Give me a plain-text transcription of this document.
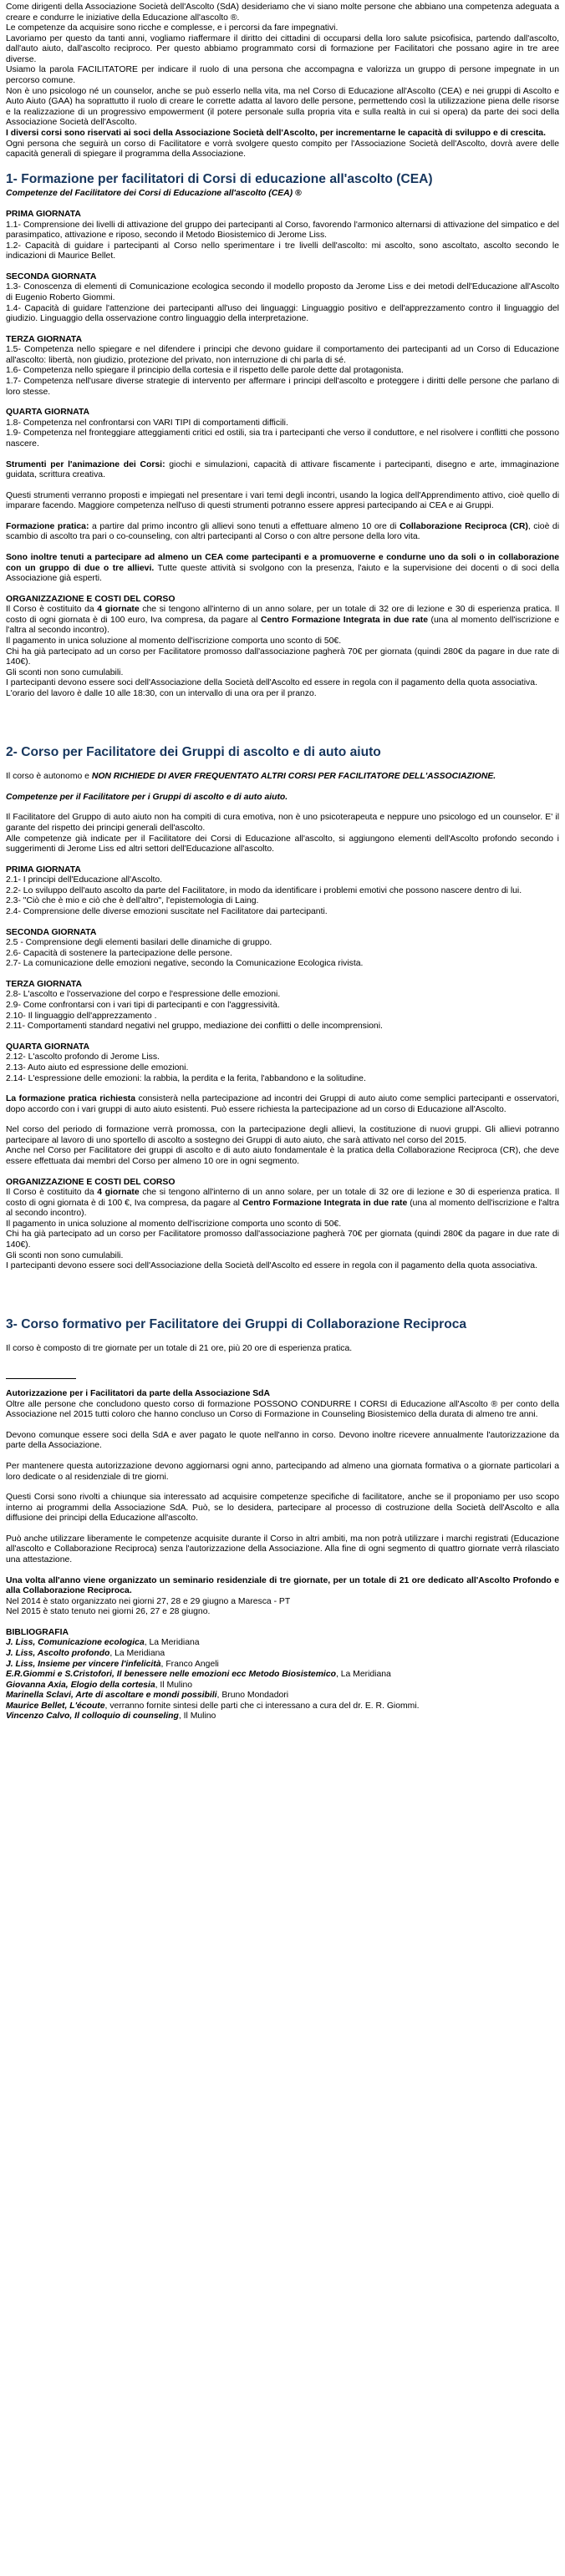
Come dirigenti della Associazione Società dell'Ascolto (SdA) desideriamo che vi siano molte persone che abbiano una competenza adeguata a creare e condurre le iniziative della Educazione all'ascolto ®.

Le competenze da acquisire sono ricche e complesse, e i percorsi da fare impegnativi.

Lavoriamo per questo da tanti anni, vogliamo riaffermare il diritto dei cittadini di occuparsi della loro salute psicofisica, partendo dall'ascolto, dall'auto aiuto, dall'ascolto reciproco. Per questo abbiamo programmato corsi di formazione per Facilitatori che possano agire in tre aree diverse.

Usiamo la parola FACILITATORE per indicare il ruolo di una persona che accompagna e valorizza un gruppo di persone impegnate in un percorso comune.

Non è uno psicologo né un counselor, anche se può esserlo nella vita, ma nel Corso di Educazione all'Ascolto (CEA) e nei gruppi di Ascolto e Auto Aiuto (GAA) ha soprattutto il ruolo di creare le corrette adatta al lavoro delle persone, permettendo così la utilizzazione piena delle risorse e la realizzazione di un progressivo empowerment (il potere personale sulla propria vita e sulla realtà in cui si opera) da parte dei soci della Associazione Società dell'Ascolto.

I diversi corsi sono riservati ai soci della Associazione Società dell'Ascolto, per incrementarne le capacità di sviluppo e di crescita.

Ogni persona che seguirà un corso di Facilitatore e vorrà svolgere questo compito per l'Associazione Società dell'Ascolto, dovrà avere delle capacità generali di spiegare il programma della Associazione.

1- Formazione per facilitatori di Corsi di educazione all'ascolto (CEA)

Competenze del Facilitatore dei Corsi di Educazione all'ascolto (CEA) ®

PRIMA GIORNATA

1.1- Comprensione dei livelli di attivazione del gruppo dei partecipanti al Corso, favorendo l'armonico alternarsi di attivazione del simpatico e del parasimpatico, attivazione e riposo, secondo il Metodo Biosistemico di Jerome Liss.

1.2- Capacità di guidare i partecipanti al Corso nello sperimentare i tre livelli dell'ascolto: mi ascolto, sono ascoltato, ascolto secondo le indicazioni di Maurice Bellet.

SECONDA GIORNATA

1.3- Conoscenza di elementi di Comunicazione ecologica secondo il modello proposto da Jerome Liss e dei metodi dell'Educazione all'Ascolto di Eugenio Roberto Giommi.

1.4- Capacità di guidare l'attenzione dei partecipanti all'uso dei linguaggi: Linguaggio positivo e dell'apprezzamento contro il linguaggio del giudizio. Linguaggio della osservazione contro linguaggio della interpretazione.

TERZA GIORNATA

1.5- Competenza nello spiegare e nel difendere i principi che devono guidare il comportamento dei partecipanti ad un Corso di Educazione all'ascolto: libertà, non giudizio, protezione del privato, non interruzione di chi parla di sé.

1.6- Competenza nello spiegare il principio della cortesia e il rispetto delle parole dette dal protagonista.

1.7- Competenza nell'usare diverse strategie di intervento per affermare i principi dell'ascolto e proteggere i diritti delle persone che parlano di loro stesse.

QUARTA GIORNATA

1.8- Competenza nel confrontarsi con VARI TIPI di comportamenti difficili.

1.9- Competenza nel fronteggiare atteggiamenti critici ed ostili, sia tra i partecipanti che verso il conduttore, e nel risolvere i conflitti che possono nascere.

Strumenti per l'animazione dei Corsi: giochi e simulazioni, capacità di attivare fiscamente i partecipanti, disegno e arte, immaginazione guidata, scrittura creativa.

Questi strumenti verranno proposti e impiegati nel presentare i vari temi degli incontri, usando la logica dell'Apprendimento attivo, cioè quello di imparare facendo. Maggiore competenza nell'uso di questi strumenti potranno essere appresi partecipando ai CEA e ai Gruppi.

Formazione pratica: a partire dal primo incontro gli allievi sono tenuti a effettuare almeno 10 ore di Collaborazione Reciproca (CR), cioè di scambio di ascolto tra pari o co-counseling, con altri partecipanti al Corso o con altre persone della loro vita.

Sono inoltre tenuti a partecipare ad almeno un CEA come partecipanti e a promuoverne e condurne uno da soli o in collaborazione con un gruppo di due o tre allievi. Tutte queste attività si svolgono con la presenza, l'aiuto e la supervisione dei docenti o di soci della Associazione già esperti.

ORGANIZZAZIONE E COSTI DEL CORSO

Il Corso è costituito da 4 giornate che si tengono all'interno di un anno solare, per un totale di 32 ore di lezione e 30 di esperienza pratica. Il costo di ogni giornata è di 100 euro, Iva compresa, da pagare al Centro Formazione Integrata in due rate (una al momento dell'iscrizione e l'altra al secondo incontro).

Il pagamento in unica soluzione al momento dell'iscrizione comporta uno sconto di 50€.

Chi ha già partecipato ad un corso per Facilitatore promosso dall'associazione pagherà 70€ per giornata (quindi 280€ da pagare in due rate di 140€).

Gli sconti non sono cumulabili.

I partecipanti devono essere soci dell'Associazione della Società dell'Ascolto ed essere in regola con il pagamento della quota associativa.

L'orario del lavoro è dalle 10 alle 18:30, con un intervallo di una ora per il pranzo.

2- Corso per Facilitatore dei Gruppi di ascolto e di auto aiuto

Il corso è autonomo e NON RICHIEDE DI AVER FREQUENTATO ALTRI CORSI PER FACILITATORE DELL'ASSOCIAZIONE.

Competenze per il Facilitatore per i Gruppi di ascolto e di auto aiuto.

Il Facilitatore del Gruppo di auto aiuto non ha compiti di cura emotiva, non è uno psicoterapeuta e neppure uno psicologo ed un counselor. E' il garante del rispetto dei principi generali dell'ascolto.

Alle competenze già indicate per il Facilitatore dei Corsi di Educazione all'ascolto, si aggiungono elementi dell'Ascolto profondo secondo i suggerimenti di Jerome Liss ed altri settori dell'Educazione all'ascolto.

PRIMA GIORNATA

2.1- I principi dell'Educazione all'Ascolto.

2.2- Lo sviluppo dell'auto ascolto da parte del Facilitatore, in modo da identificare i problemi emotivi che possono nascere dentro di lui.

2.3- "Ciò che è mio e ciò che è dell'altro", l'epistemologia di Laing.

2.4- Comprensione delle diverse emozioni suscitate nel Facilitatore dai partecipanti.

SECONDA GIORNATA

2.5 - Comprensione degli elementi basilari delle dinamiche di gruppo.

2.6- Capacità di sostenere la partecipazione delle persone.

2.7- La comunicazione delle emozioni negative, secondo la Comunicazione Ecologica rivista.

TERZA GIORNATA

2.8- L'ascolto e l'osservazione del corpo e l'espressione delle emozioni.

2.9- Come confrontarsi con i vari tipi di partecipanti e con l'aggressività.

2.10- Il linguaggio dell'apprezzamento .

2.11- Comportamenti standard negativi nel gruppo, mediazione dei conflitti o delle incomprensioni.

QUARTA GIORNATA

2.12- L'ascolto profondo di Jerome Liss.

2.13- Auto aiuto ed espressione delle emozioni.

2.14- L'espressione delle emozioni: la rabbia, la perdita e la ferita, l'abbandono e la solitudine.

La formazione pratica richiesta consisterà nella partecipazione ad incontri dei Gruppi di auto aiuto come semplici partecipanti e osservatori, dopo accordo con i vari gruppi di auto aiuto esistenti. Può essere richiesta la partecipazione ad un corso di Educazione all'Ascolto.

Nel corso del periodo di formazione verrà promossa, con la partecipazione degli allievi, la costituzione di nuovi gruppi. Gli allievi potranno partecipare al lavoro di uno sportello di ascolto a sostegno dei Gruppi di auto aiuto, che sarà attivato nel corso del 2015.

Anche nel Corso per Facilitatore dei gruppi di ascolto e di auto aiuto fondamentale è la pratica della Collaborazione Reciproca (CR), che deve essere effettuata dai membri del Corso per almeno 10 ore in ogni segmento.

ORGANIZZAZIONE E COSTI DEL CORSO

Il Corso è costituito da 4 giornate che si tengono all'interno di un anno solare, per un totale di 32 ore di lezione e 30 di esperienza pratica. Il costo di ogni giornata è di 100 €, Iva compresa, da pagare al Centro Formazione Integrata in due rate (una al momento dell'iscrizione e l'altra al secondo incontro).

Il pagamento in unica soluzione al momento dell'iscrizione comporta uno sconto di 50€.

Chi ha già partecipato ad un corso per Facilitatore promosso dall'associazione pagherà 70€ per giornata (quindi 280€ da pagare in due rate di 140€).

Gli sconti non sono cumulabili.

I partecipanti devono essere soci dell'Associazione della Società dell'Ascolto ed essere in regola con il pagamento della quota associativa.

3- Corso formativo per Facilitatore dei Gruppi di Collaborazione Reciproca

Il corso è composto di tre giornate per un totale di 21 ore, più 20 ore di esperienza pratica.

Autorizzazione per i Facilitatori da parte della Associazione SdA

Oltre alle persone che concludono questo corso di formazione POSSONO CONDURRE I CORSI di Educazione all'Ascolto ® per conto della Associazione nel 2015 tutti coloro che hanno concluso un Corso di Formazione in Counseling Biosistemico della durata di almeno tre anni.

Devono comunque essere soci della SdA e aver pagato le quote nell'anno in corso. Devono inoltre ricevere annualmente l'autorizzazione da parte della Associazione.

Per mantenere questa autorizzazione devono aggiornarsi ogni anno, partecipando ad almeno una giornata formativa o a giornate particolari a loro dedicate o al residenziale di tre giorni.

Questi Corsi sono rivolti a chiunque sia interessato ad acquisire competenze specifiche di facilitatore, anche se il proponiamo per uso scopo interno ai programmi della Associazione SdA. Può, se lo desidera, partecipare al processo di costruzione della Società dell'Ascolto e alla diffusione dei principi della Educazione all'ascolto.

Può anche utilizzare liberamente le competenze acquisite durante il Corso in altri ambiti, ma non potrà utilizzare i marchi registrati (Educazione all'ascolto e Collaborazione Reciproca) senza l'autorizzazione della Associazione. Alla fine di ogni segmento di quattro giornate verrà rilasciato una attestazione.

Una volta all'anno viene organizzato un seminario residenziale di tre giornate, per un totale di 21 ore dedicato all'Ascolto Profondo e alla Collaborazione Reciproca.

Nel 2014 è stato organizzato nei giorni 27, 28 e 29 giugno a Maresca - PT

Nel 2015 è stato tenuto nei giorni 26, 27 e 28 giugno.

BIBLIOGRAFIA

J. Liss, Comunicazione ecologica, La Meridiana

J. Liss, Ascolto profondo, La Meridiana

J. Liss, Insieme per vincere l'infelicità, Franco Angeli

E.R.Giommi e S.Cristofori, Il benessere nelle emozioni ecc Metodo Biosistemico, La Meridiana

Giovanna Axia, Elogio della cortesia, Il Mulino

Marinella Sclavi, Arte di ascoltare e mondi possibili, Bruno Mondadori

Maurice Bellet, L'écoute, verranno fornite sintesi delle parti che ci interessano a cura del dr. E. R. Giommi.

Vincenzo Calvo, Il colloquio di counseling, Il Mulino
